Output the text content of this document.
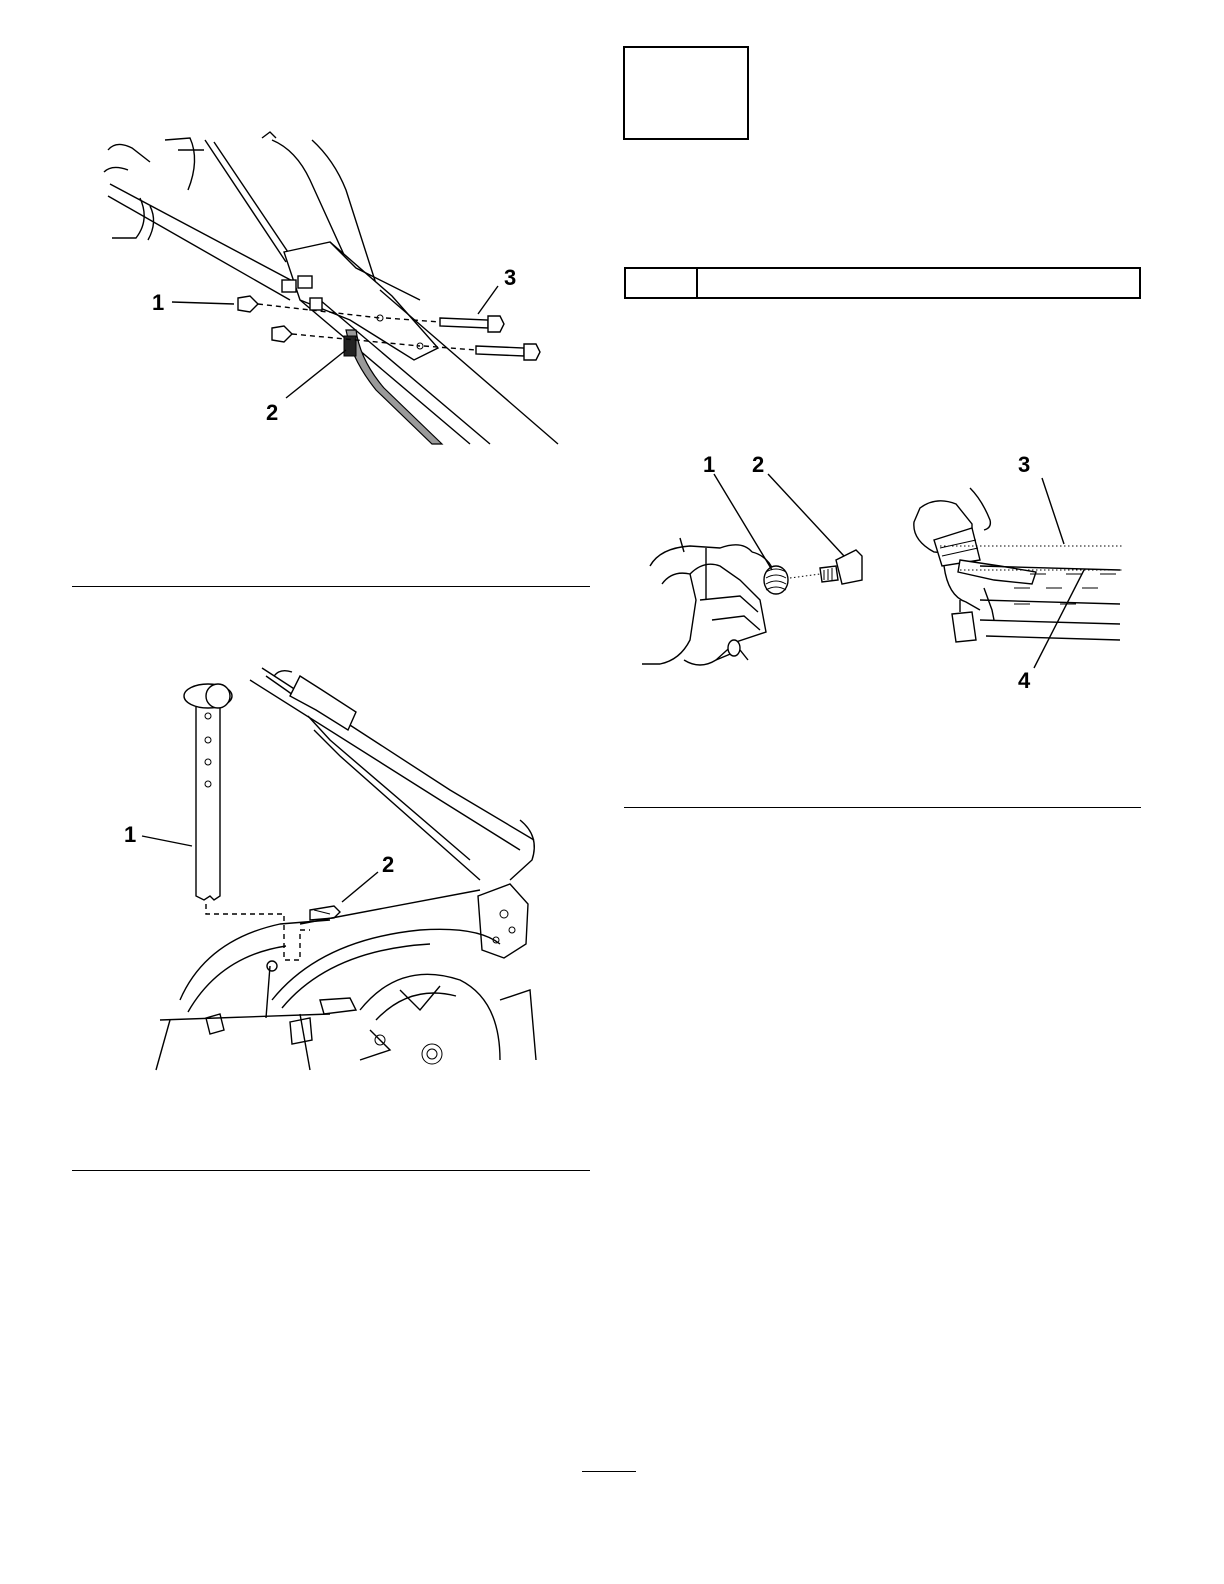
1
2
3
1
2
1 2	3
4
